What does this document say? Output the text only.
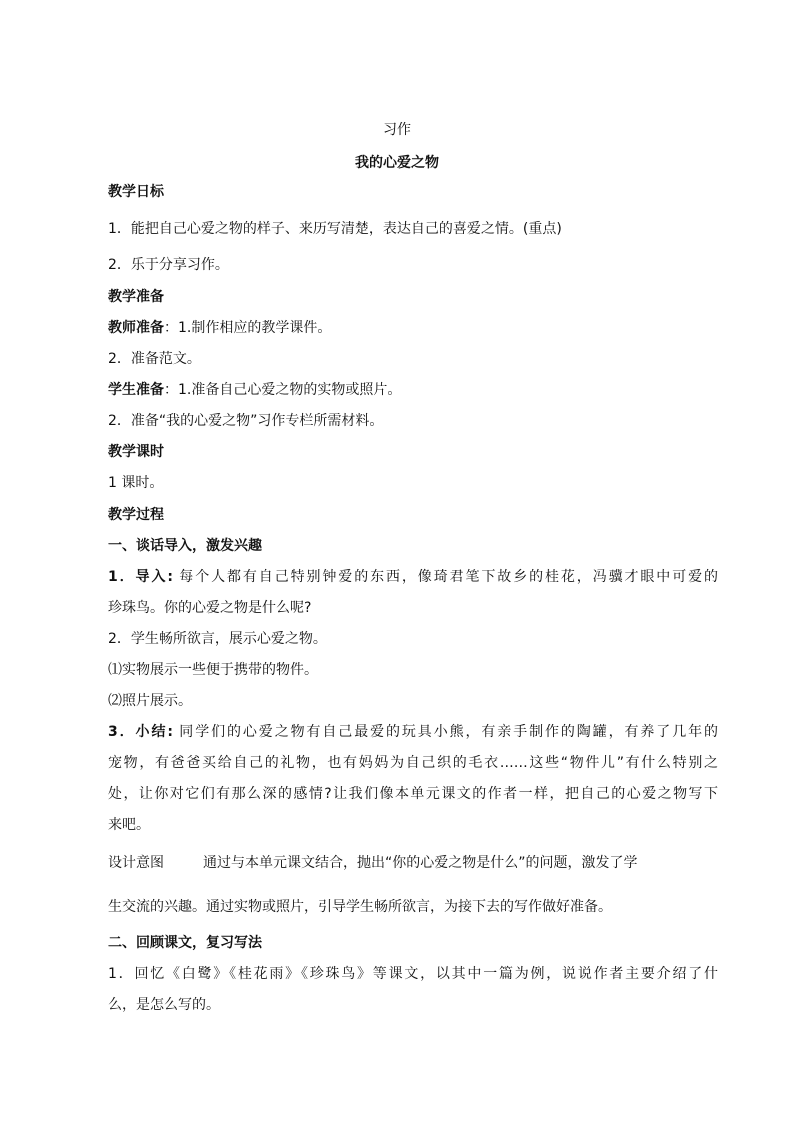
习作
我的心爱之物
教学日标
1．能把自己心爱之物的样子、来历写清楚，表达自己的喜爱之情。(重点)
2．乐于分享习作。
教学准备
教师准备：1.制作相应的教学课件。
2．准备范文。
学生准备：1.准备自己心爱之物的实物或照片。
2．准备“我的心爱之物”习作专栏所需材料。
教学课时
1 课时。
教学过程
一、谈话导入，激发兴趣
1．导入: 每个人都有自己特别钟爱的东西，像琦君笔下故乡的桂花，冯骥才眼中可爱的
珍珠鸟。你的心爱之物是什么呢?
2．学生畅所欲言，展示心爱之物。
⑴实物展示一些便于携带的物件。
⑵照片展示。
3．小结: 同学们的心爱之物有自己最爱的玩具小熊，有亲手制作的陶罐，有养了几年的
宠物，有爸爸买给自己的礼物，也有妈妈为自己织的毛衣……这些“物件儿”有什么特别之
处，让你对它们有那么深的感情?让我们像本单元课文的作者一样，把自己的心爱之物写下
来吧。
设计意图	通过与本单元课文结合，抛出“你的心爱之物是什么”的问题，激发了学
生交流的兴趣。通过实物或照片，引导学生畅所欲言，为接下去的写作做好准备。
二、回顾课文，复习写法
1．回忆《白鹭》《桂花雨》《珍珠鸟》等课文，以其中一篇为例，说说作者主要介绍了什
么，是怎么写的。
